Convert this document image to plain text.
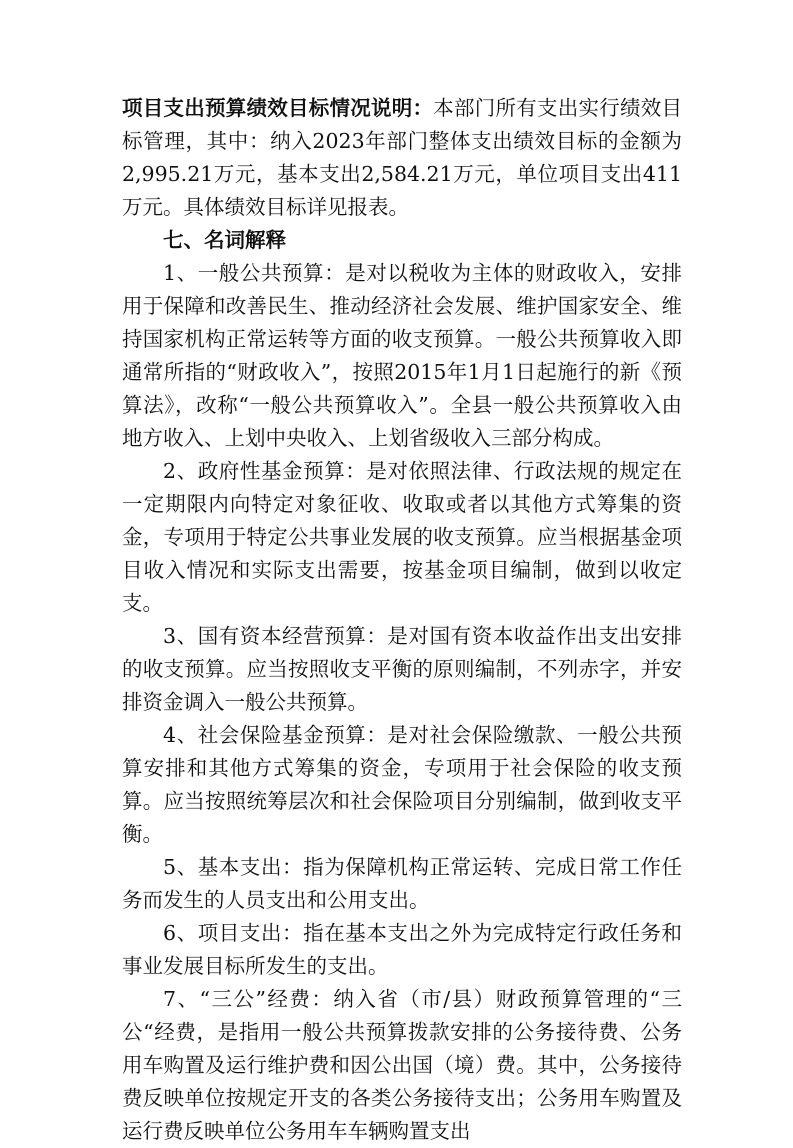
项目支出预算绩效目标情况说明：本部门所有支出实行绩效目标管理，其中：纳入2023年部门整体支出绩效目标的金额为2,995.21万元，基本支出2,584.21万元，单位项目支出411万元。具体绩效目标详见报表。

七、名词解释

1、一般公共预算：是对以税收为主体的财政收入，安排用于保障和改善民生、推动经济社会发展、维护国家安全、维持国家机构正常运转等方面的收支预算。一般公共预算收入即通常所指的“财政收入”，按照2015年1月1日起施行的新《预算法》，改称“一般公共预算收入”。全县一般公共预算收入由地方收入、上划中央收入、上划省级收入三部分构成。

2、政府性基金预算：是对依照法律、行政法规的规定在一定期限内向特定对象征收、收取或者以其他方式筹集的资金，专项用于特定公共事业发展的收支预算。应当根据基金项目收入情况和实际支出需要，按基金项目编制，做到以收定支。

3、国有资本经营预算：是对国有资本收益作出支出安排的收支预算。应当按照收支平衡的原则编制，不列赤字，并安排资金调入一般公共预算。

4、社会保险基金预算：是对社会保险缴款、一般公共预算安排和其他方式筹集的资金，专项用于社会保险的收支预算。应当按照统筹层次和社会保险项目分别编制，做到收支平衡。

5、基本支出：指为保障机构正常运转、完成日常工作任务而发生的人员支出和公用支出。

6、项目支出：指在基本支出之外为完成特定行政任务和事业发展目标所发生的支出。

7、“三公”经费：纳入省（市/县）财政预算管理的“三公“经费，是指用一般公共预算拨款安排的公务接待费、公务用车购置及运行维护费和因公出国（境）费。其中，公务接待费反映单位按规定开支的各类公务接待支出；公务用车购置及运行费反映单位公务用车车辆购置支出
